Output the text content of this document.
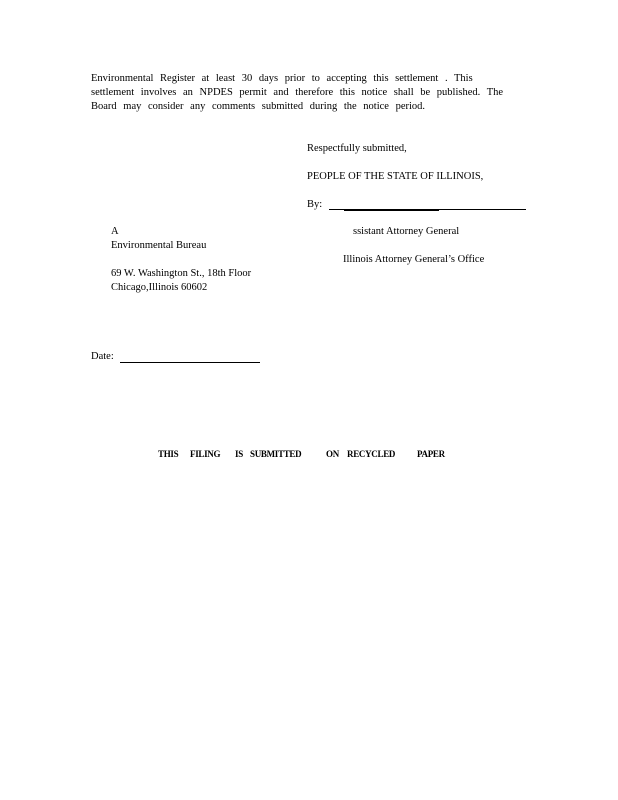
Environmental Register at least 30 days prior to accepting this settlement . This
settlement involves an NPDES permit and therefore this notice shall be published. The
Board may consider any comments submitted during the notice period.
Respectfully submitted,
PEOPLE OF THE STATE OF ILLINOIS,
By:
A	ssistant Attorney General
Environmental Bureau
Illinois Attorney General’s Office
69 W. Washington St., 18th Floor
Chicago,Illinois 60602
Date:
THIS FILING IS SUBMITTED	ON RECYCLED PAPER
